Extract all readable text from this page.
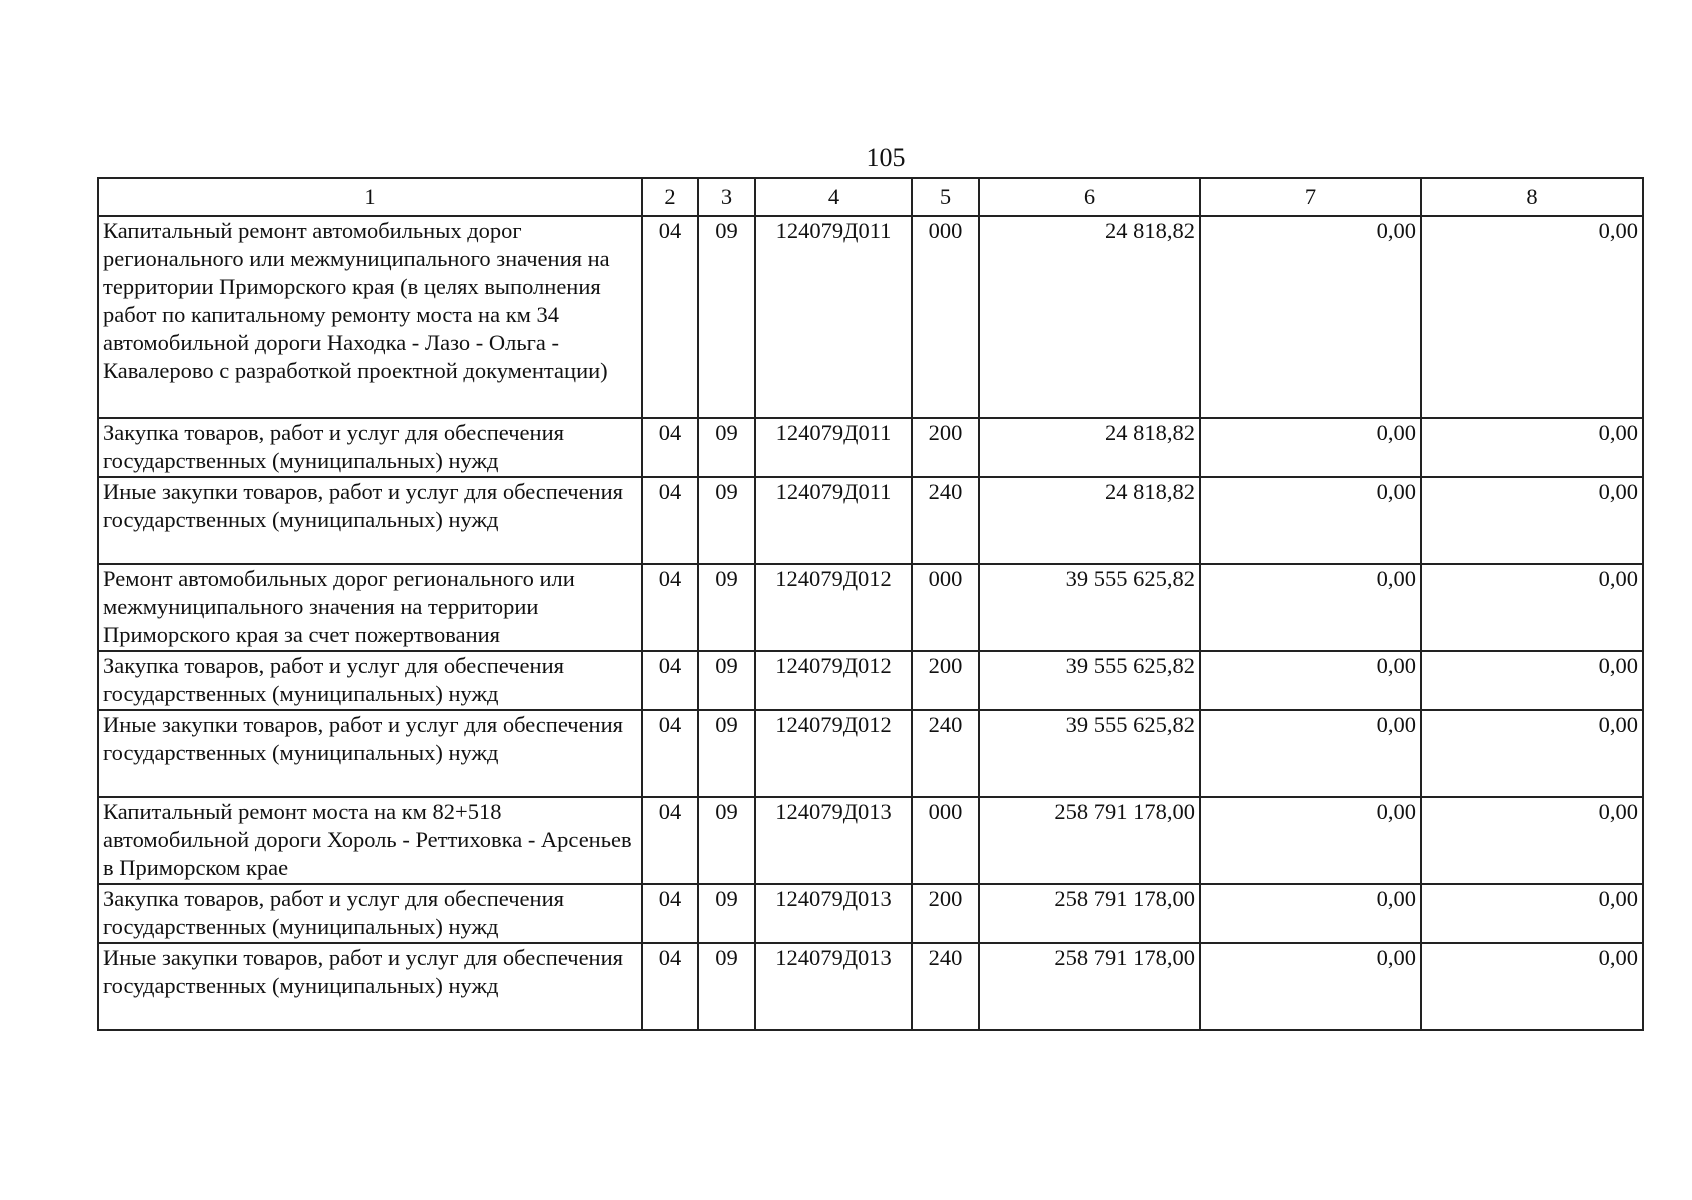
105
1	2	3	4	5	6	7	8
Капитальный ремонт автомобильных дорог регионального или межмуниципального значения на территории Приморского края (в целях выполнения работ по капитальному ремонту моста на км 34 автомобильной дороги Находка - Лазо - Ольга - Кавалерово с разработкой проектной документации)	04	09	124079Д011	000	24 818,82	0,00	0,00
Закупка товаров, работ и услуг для обеспечения государственных (муниципальных) нужд	04	09	124079Д011	200	24 818,82	0,00	0,00
Иные закупки товаров, работ и услуг для обеспечения государственных (муниципальных) нужд	04	09	124079Д011	240	24 818,82	0,00	0,00
Ремонт автомобильных дорог регионального или межмуниципального значения на территории Приморского края за счет пожертвования	04	09	124079Д012	000	39 555 625,82	0,00	0,00
Закупка товаров, работ и услуг для обеспечения государственных (муниципальных) нужд	04	09	124079Д012	200	39 555 625,82	0,00	0,00
Иные закупки товаров, работ и услуг для обеспечения государственных (муниципальных) нужд	04	09	124079Д012	240	39 555 625,82	0,00	0,00
Капитальный ремонт моста на км 82+518 автомобильной дороги Хороль - Реттиховка - Арсеньев в Приморском крае	04	09	124079Д013	000	258 791 178,00	0,00	0,00
Закупка товаров, работ и услуг для обеспечения государственных (муниципальных) нужд	04	09	124079Д013	200	258 791 178,00	0,00	0,00
Иные закупки товаров, работ и услуг для обеспечения государственных (муниципальных) нужд	04	09	124079Д013	240	258 791 178,00	0,00	0,00
